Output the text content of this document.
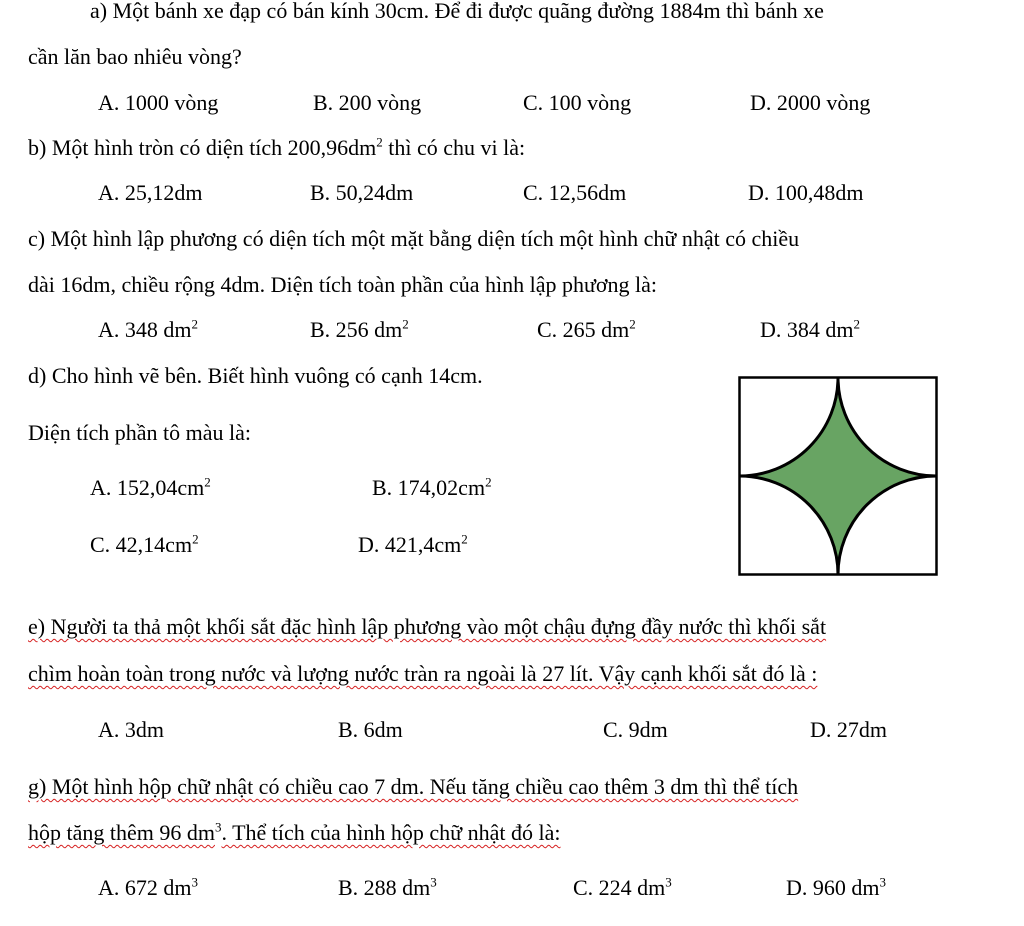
a) Một bánh xe đạp có bán kính 30cm. Để đi được quãng đường 1884m thì bánh xe
cần lăn bao nhiêu vòng?
A. 1000 vòng	B. 200 vòng	C. 100 vòng	D. 2000 vòng
b) Một hình tròn có diện tích $200,96dm^2$ thì có chu vi là:
A. 25,12dm	B. 50,24dm	C. 12,56dm	D. 100,48dm
c) Một hình lập phương có diện tích một mặt bằng diện tích một hình chữ nhật có chiều
dài 16dm, chiều rộng 4dm. Diện tích toàn phần của hình lập phương là:
A. 348 $dm^2$	B. 256 $dm^2$	C. 265 $dm^2$	D. 384 $dm^2$
d) Cho hình vẽ bên. Biết hình vuông có cạnh 14cm.
Diện tích phần tô màu là:
A. $152,04cm^2$	B. $174,02cm^2$
C. $42,14cm^2$	D. $421,4cm^2$
e) Người ta thả một khối sắt đặc hình lập phương vào một chậu đựng đầy nước thì khối sắt
chìm hoàn toàn trong nước và lượng nước tràn ra ngoài là 27 lít. Vậy cạnh khối sắt đó là :
A. 3dm	B. 6dm	C. 9dm	D. 27dm
g) Một hình hộp chữ nhật có chiều cao 7 dm. Nếu tăng chiều cao thêm 3 dm thì thể tích
hộp tăng thêm 96 $dm^3$. Thể tích của hình hộp chữ nhật đó là:
A. 672 $dm^3$	B. 288 $dm^3$	C. 224 $dm^3$	D. 960 $dm^3$
